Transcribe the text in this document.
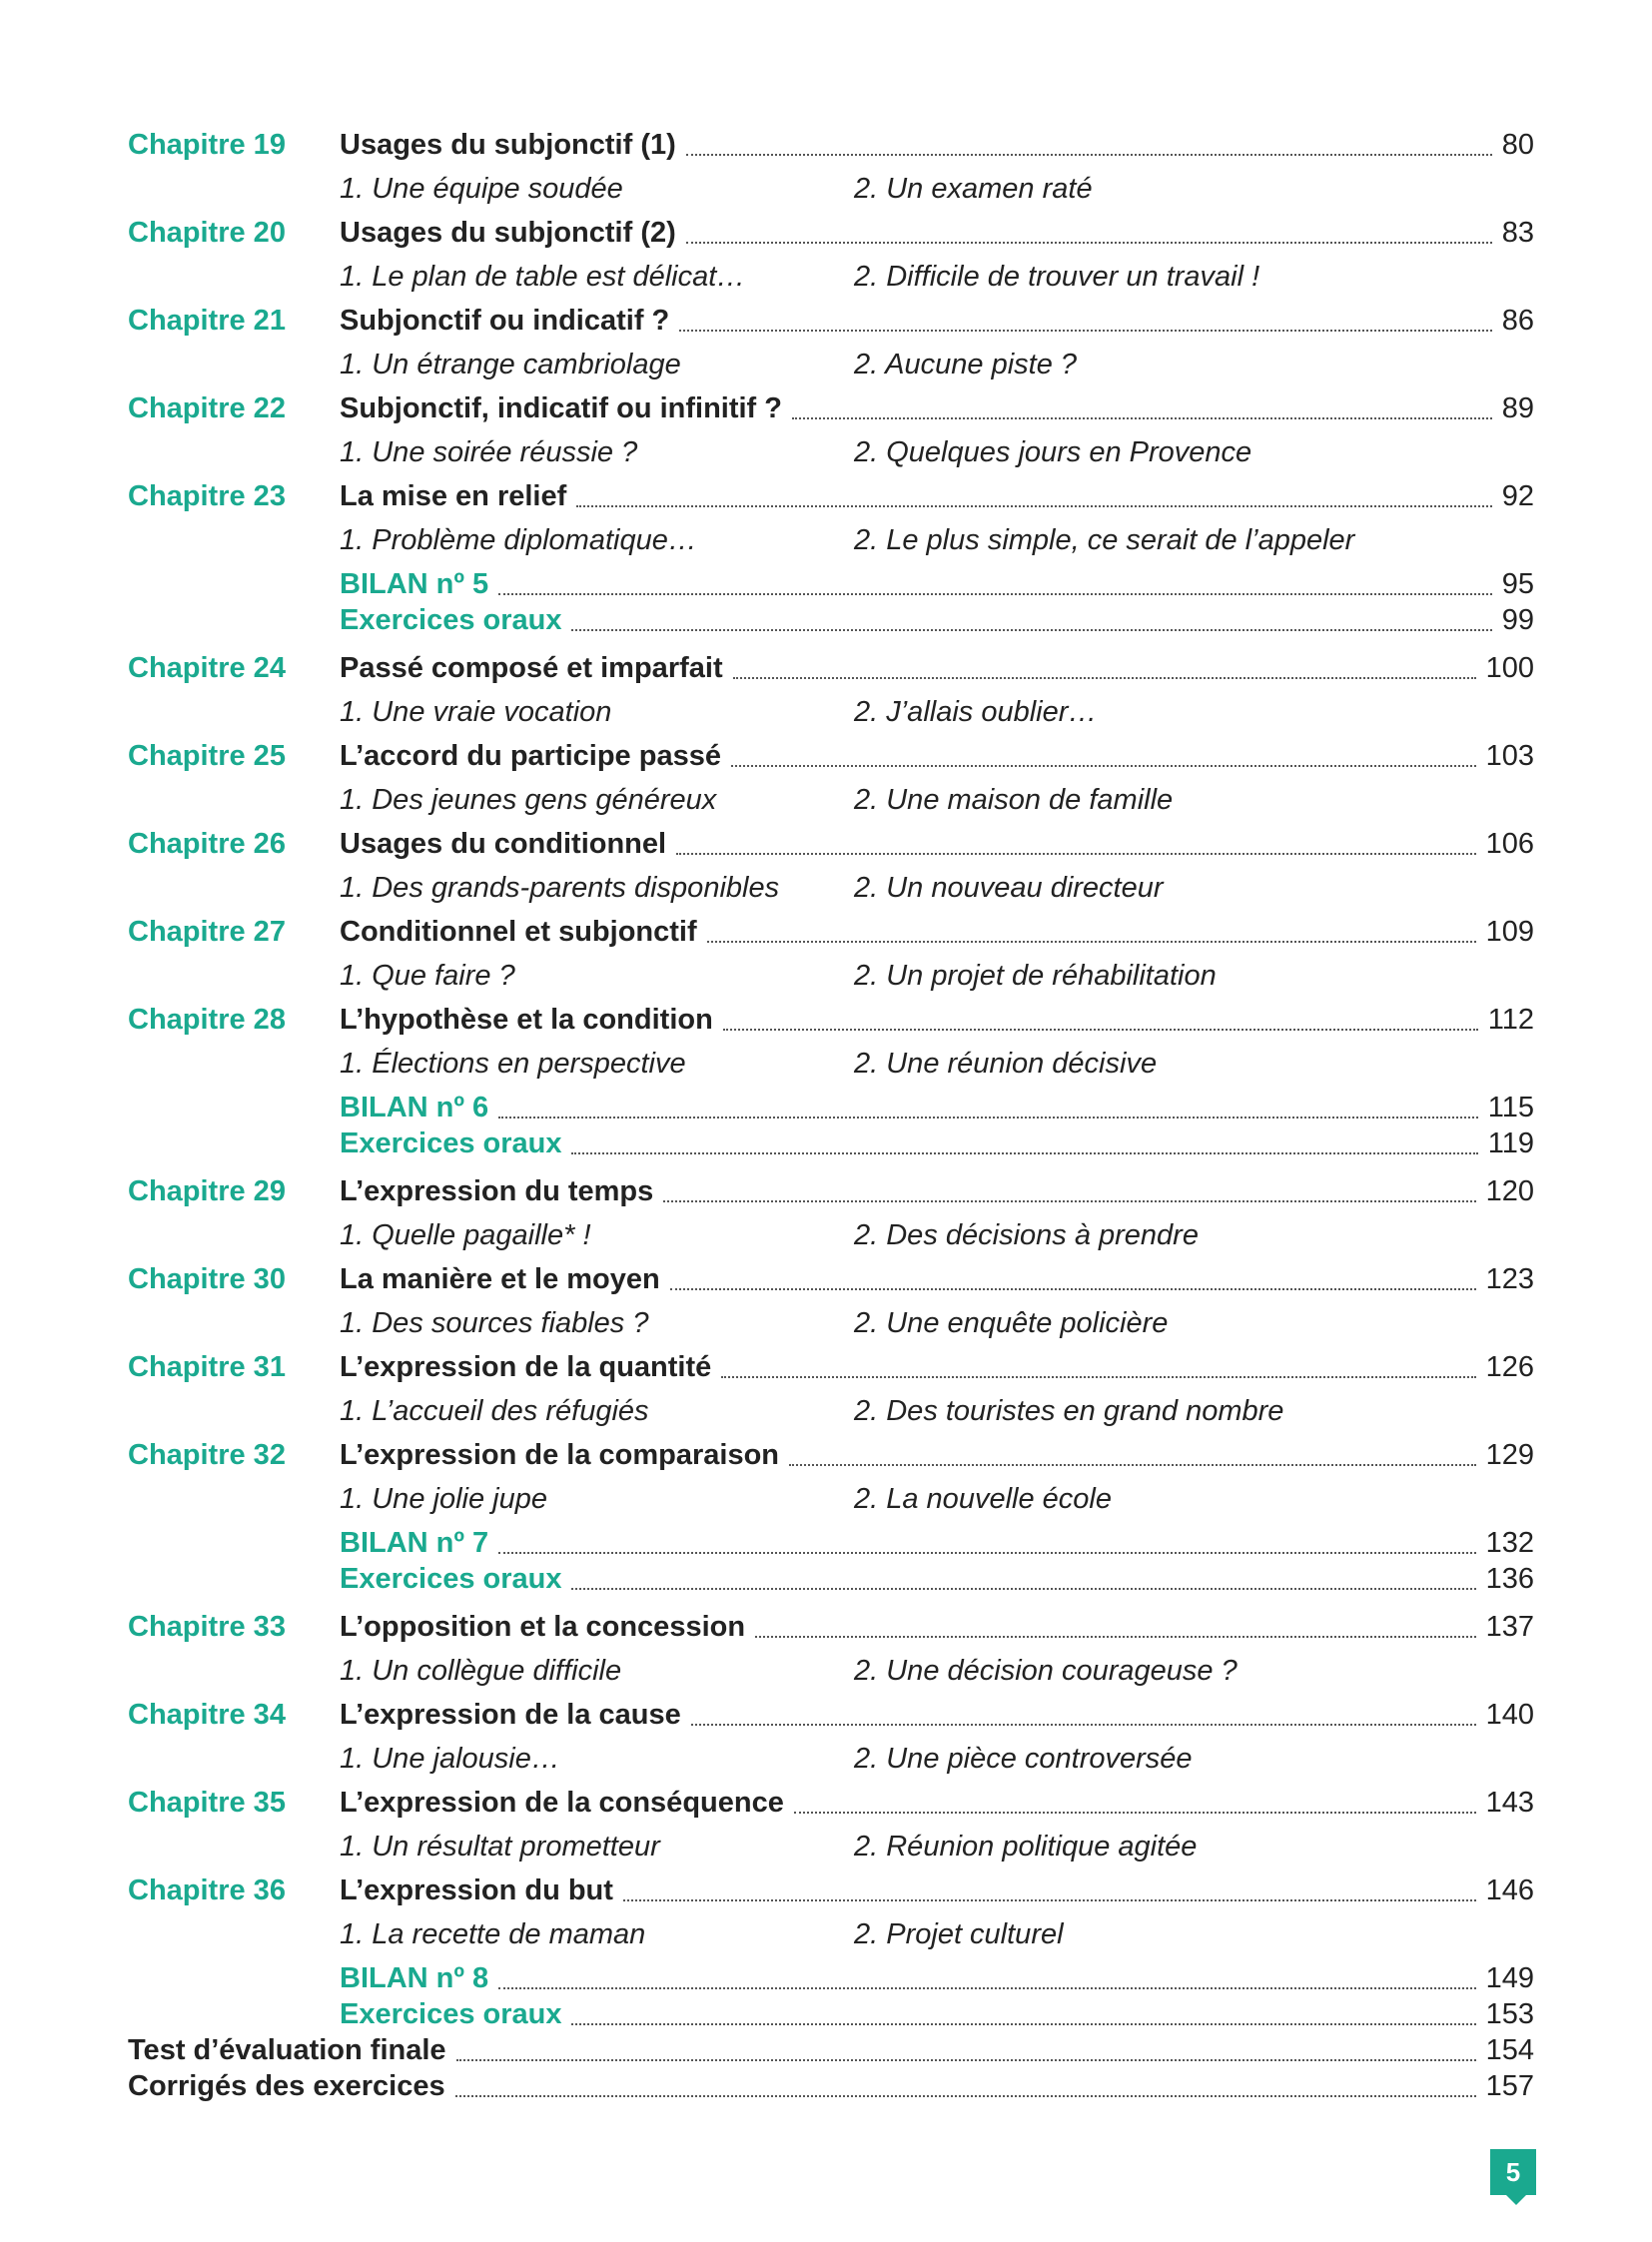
Chapitre 19 Usages du subjonctif (1)	80
1. Une équipe soudée	2. Un examen raté
Chapitre 20 Usages du subjonctif (2)	83
1. Le plan de table est délicat…	2. Difficile de trouver un travail !
Chapitre 21 Subjonctif ou indicatif ?	86
1. Un étrange cambriolage	2. Aucune piste ?
Chapitre 22 Subjonctif, indicatif ou infinitif ?	89
1. Une soirée réussie ?	2. Quelques jours en Provence
Chapitre 23 La mise en relief	92
1. Problème diplomatique…	2. Le plus simple, ce serait de l’appeler
BILAN nº 5	95
Exercices oraux	99
Chapitre 24 Passé composé et imparfait	100
1. Une vraie vocation	2. J’allais oublier…
Chapitre 25 L’accord du participe passé	103
1. Des jeunes gens généreux	2. Une maison de famille
Chapitre 26 Usages du conditionnel	106
1. Des grands-parents disponibles	2. Un nouveau directeur
Chapitre 27 Conditionnel et subjonctif	109
1. Que faire ?	2. Un projet de réhabilitation
Chapitre 28 L’hypothèse et la condition	112
1. Élections en perspective	2. Une réunion décisive
BILAN nº 6	115
Exercices oraux	119
Chapitre 29 L’expression du temps	120
1. Quelle pagaille* !	2. Des décisions à prendre
Chapitre 30 La manière et le moyen	123
1. Des sources fiables ?	2. Une enquête policière
Chapitre 31 L’expression de la quantité	126
1. L’accueil des réfugiés	2. Des touristes en grand nombre
Chapitre 32 L’expression de la comparaison	129
1. Une jolie jupe	2. La nouvelle école
BILAN nº 7	132
Exercices oraux	136
Chapitre 33 L’opposition et la concession	137
1. Un collègue difficile	2. Une décision courageuse ?
Chapitre 34 L’expression de la cause	140
1. Une jalousie…	2. Une pièce controversée
Chapitre 35 L’expression de la conséquence	143
1. Un résultat prometteur	2. Réunion politique agitée
Chapitre 36 L’expression du but	146
1. La recette de maman	2. Projet culturel
BILAN nº 8	149
Exercices oraux	153
Test d’évaluation finale	154
Corrigés des exercices	157
5
